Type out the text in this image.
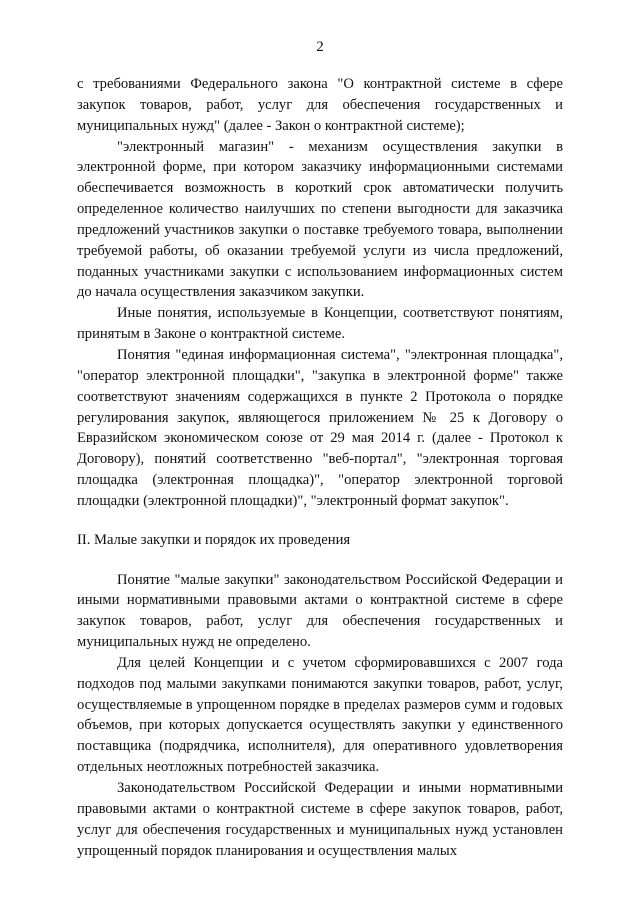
2

с требованиями Федерального закона "О контрактной системе в сфере закупок товаров, работ, услуг для обеспечения государственных и муниципальных нужд" (далее - Закон о контрактной системе);

"электронный магазин" - механизм осуществления закупки в электронной форме, при котором заказчику информационными системами обеспечивается возможность в короткий срок автоматически получить определенное количество наилучших по степени выгодности для заказчика предложений участников закупки о поставке требуемого товара, выполнении требуемой работы, об оказании требуемой услуги из числа предложений, поданных участниками закупки с использованием информационных систем до начала осуществления заказчиком закупки.

Иные понятия, используемые в Концепции, соответствуют понятиям, принятым в Законе о контрактной системе.

Понятия "единая информационная система", "электронная площадка", "оператор электронной площадки", "закупка в электронной форме" также соответствуют значениям содержащихся в пункте 2 Протокола о порядке регулирования закупок, являющегося приложением № 25 к Договору о Евразийском экономическом союзе от 29 мая 2014 г. (далее - Протокол к Договору), понятий соответственно "веб-портал", "электронная торговая площадка (электронная площадка)", "оператор электронной торговой площадки (электронной площадки)", "электронный формат закупок".

II. Малые закупки и порядок их проведения

Понятие "малые закупки" законодательством Российской Федерации и иными нормативными правовыми актами о контрактной системе в сфере закупок товаров, работ, услуг для обеспечения государственных и муниципальных нужд не определено.

Для целей Концепции и с учетом сформировавшихся с 2007 года подходов под малыми закупками понимаются закупки товаров, работ, услуг, осуществляемые в упрощенном порядке в пределах размеров сумм и годовых объемов, при которых допускается осуществлять закупки у единственного поставщика (подрядчика, исполнителя), для оперативного удовлетворения отдельных неотложных потребностей заказчика.

Законодательством Российской Федерации и иными нормативными правовыми актами о контрактной системе в сфере закупок товаров, работ, услуг для обеспечения государственных и муниципальных нужд установлен упрощенный порядок планирования и осуществления малых
